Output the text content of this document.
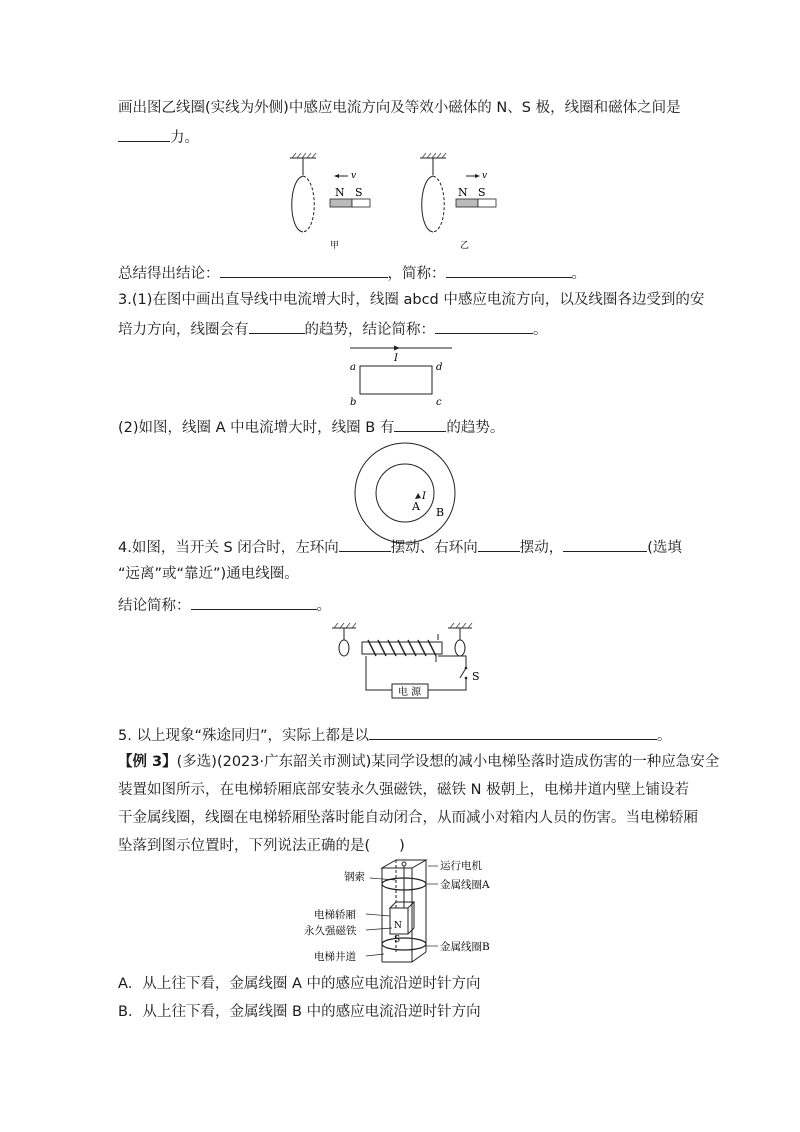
画出图乙线圈(实线为外侧)中感应电流方向及等效小磁体的 N、S 极，线圈和磁体之间是
力。
v
N S
甲
v
N S
乙
总结得出结论：	，简称：	。
3.(1)在图中画出直导线中电流增大时，线圈 abcd 中感应电流方向，以及线圈各边受到的安
培力方向，线圈会有	的趋势，结论简称：	。
I
a	d
b	c
(2)如图，线圈 A 中电流增大时，线圈 B 有	的趋势。
I
A B
4.如图，当开关 S 闭合时，左环向	摆动、右环向	摆动，	(选填
“远离”或“靠近”)通电线圈。
结论简称：	。
S
电 源
5. 以上现象“殊途同归”，实际上都是以	。
【例 3】(多选)(2023·广东韶关市测试)某同学设想的减小电梯坠落时造成伤害的一种应急安全
装置如图所示，在电梯轿厢底部安装永久强磁铁，磁铁 N 极朝上，电梯井道内壁上铺设若
干金属线圈，线圈在电梯轿厢坠落时能自动闭合，从而减小对箱内人员的伤害。当电梯轿厢
坠落到图示位置时，下列说法正确的是(　　)
N
S
钢索
运行电机
金属线圈A
电梯轿厢
永久强磁铁
电梯井道
金属线圈B
A．从上往下看，金属线圈 A 中的感应电流沿逆时针方向
B．从上往下看，金属线圈 B 中的感应电流沿逆时针方向
